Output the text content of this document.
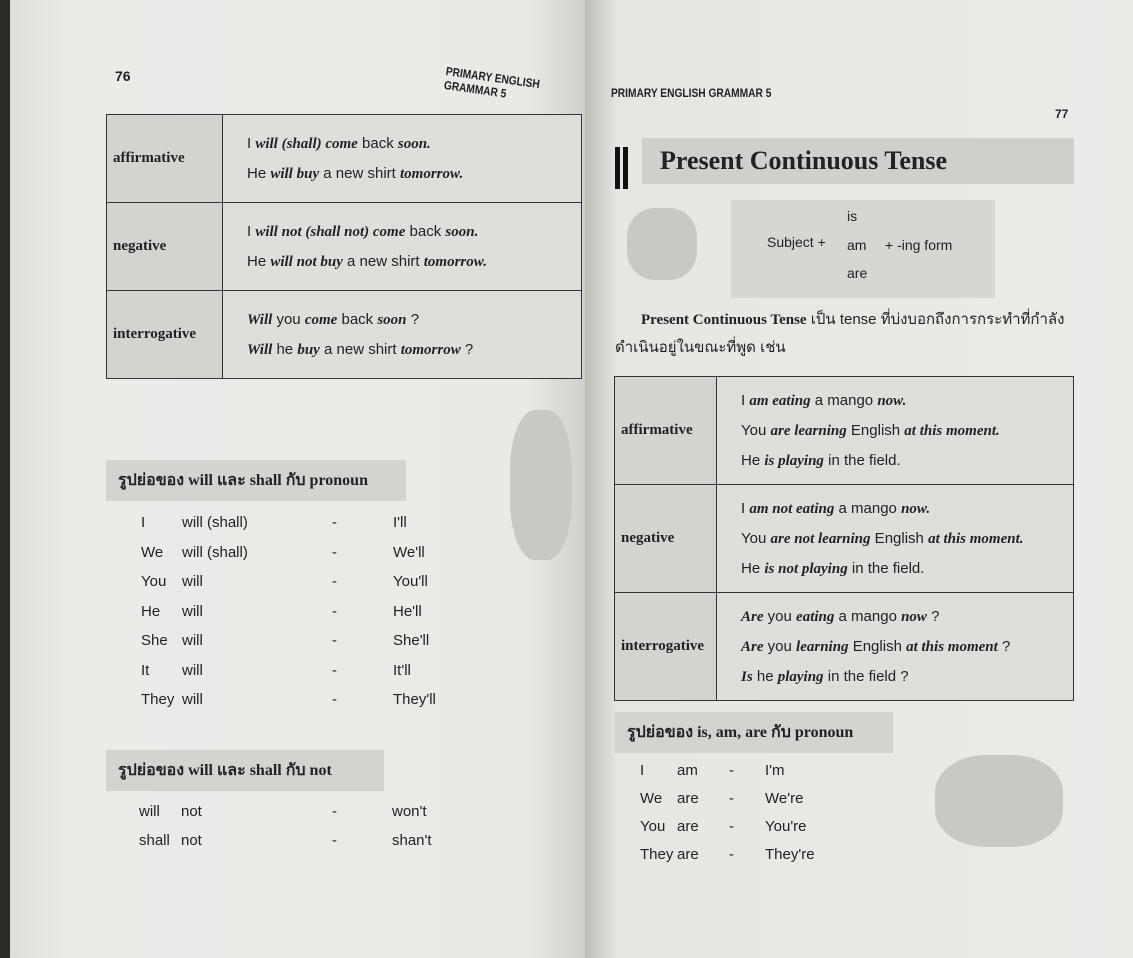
76	PRIMARY ENGLISH GRAMMAR 5
affirmative	I will (shall) come back soon.
He will buy a new shirt tomorrow.

negative	I will not (shall not) come back soon.
He will not buy a new shirt tomorrow.

interrogative	Will you come back soon ?
Will he buy a new shirt tomorrow ?
รูปย่อของ will และ shall กับ pronoun
I will (shall)	-	I'll
We will (shall)	-	We'll
You will	-	You'll
He will	-	He'll
She will	-	She'll
It will	-	It'll
They will	-	They'll
รูปย่อของ will และ shall กับ not
will not	-	won't
shall not	-	shan't
PRIMARY ENGLISH GRAMMAR 5
77
Present Continuous Tense
Subject +
is
am
are
+ -ing form
Present Continuous Tense เป็น tense ที่บ่งบอกถึงการกระทำที่กำลังดำเนินอยู่ในขณะที่พูด เช่น
affirmative	I am eating a mango now.
You are learning English at this moment.
He is playing in the field.

negative	I am not eating a mango now.
You are not learning English at this moment.
He is not playing in the field.

interrogative	Are you eating a mango now ?
Are you learning English at this moment ?
Is he playing in the field ?
รูปย่อของ is, am, are กับ pronoun
I am - I'm
We are - We're
You are - You're
They are - They're
